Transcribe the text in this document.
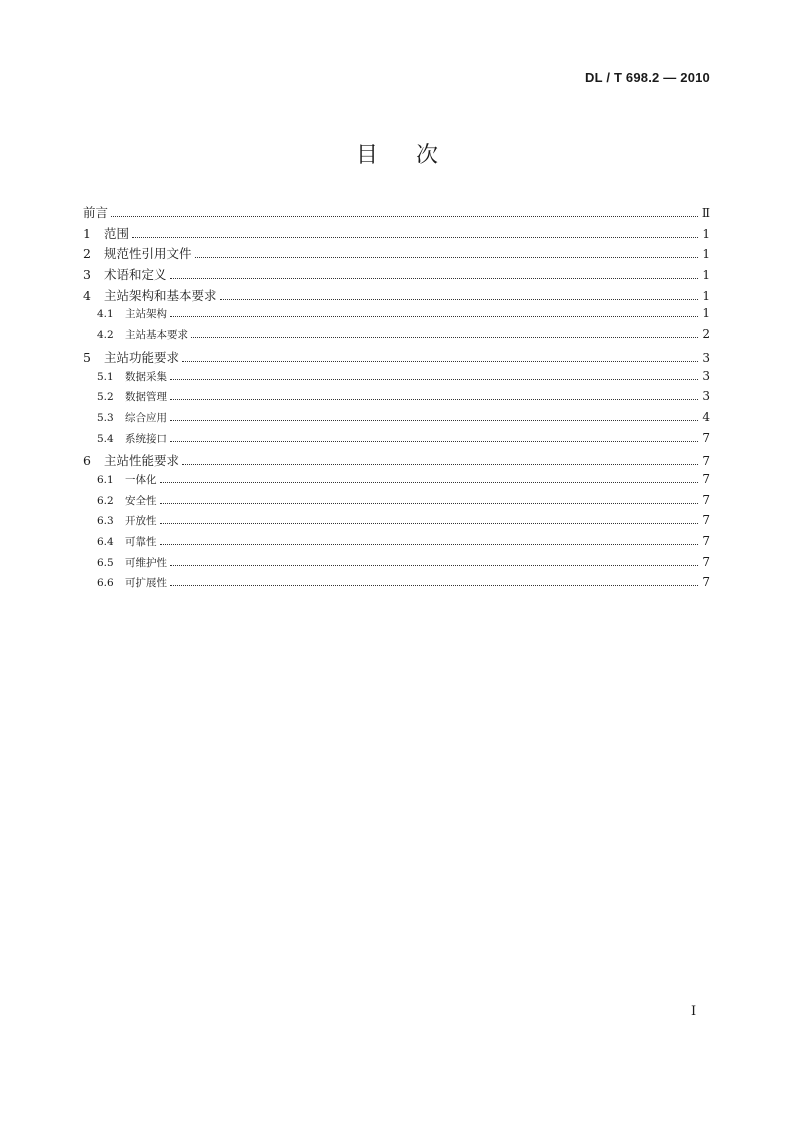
DL / T 698.2 — 2010
目 次
前言	Ⅱ
1	范围	1
2	规范性引用文件	1
3	术语和定义	1
4	主站架构和基本要求	1
4.1	主站架构	1
4.2	主站基本要求	2
5	主站功能要求	3
5.1	数据采集	3
5.2	数据管理	3
5.3	综合应用	4
5.4	系统接口	7
6	主站性能要求	7
6.1	一体化	7
6.2	安全性	7
6.3	开放性	7
6.4	可靠性	7
6.5	可维护性	7
6.6	可扩展性	7
I
